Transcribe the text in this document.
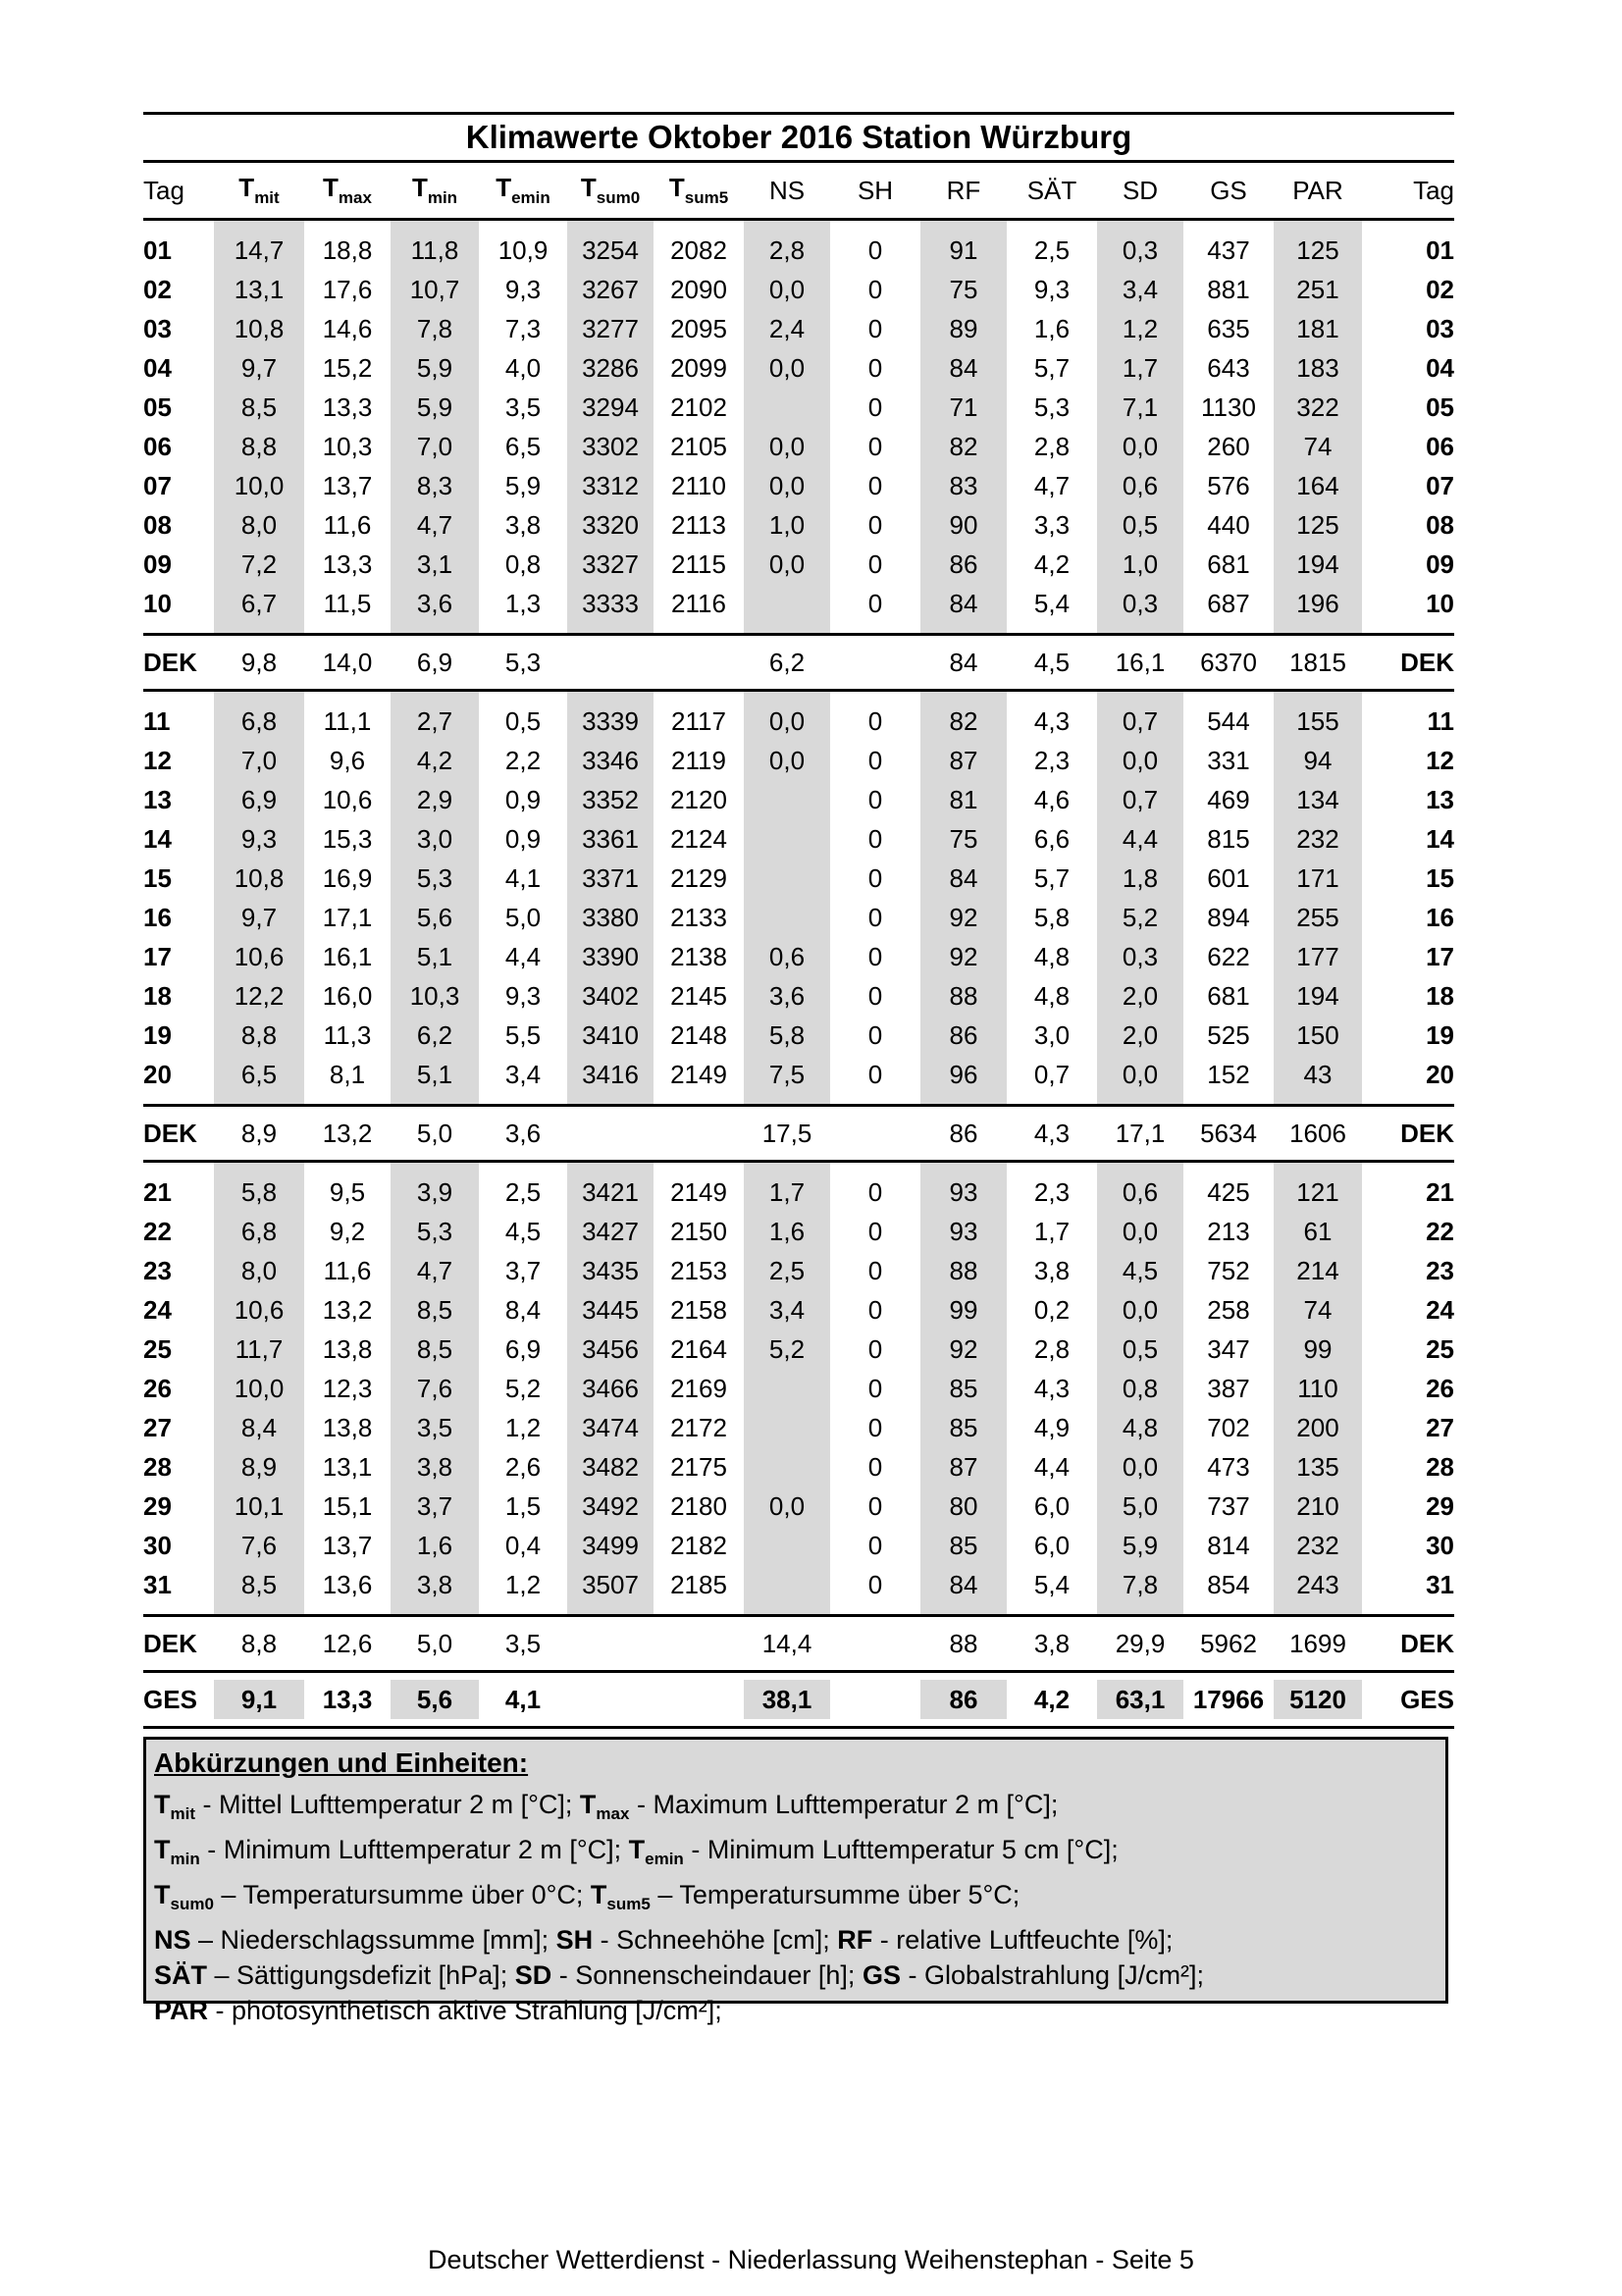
Klimawerte Oktober 2016 Station Würzburg
Tag	$T_{mit}$	$T_{max}$	$T_{min}$	$T_{emin}$	$T_{sum0}$	$T_{sum5}$	NS	SH	RF	SÄT	SD	GS	PAR	Tag
01	14,7	18,8	11,8	10,9	3254	2082	2,8	0	91	2,5	0,3	437	125	01
02	13,1	17,6	10,7	9,3	3267	2090	0,0	0	75	9,3	3,4	881	251	02
03	10,8	14,6	7,8	7,3	3277	2095	2,4	0	89	1,6	1,2	635	181	03
04	9,7	15,2	5,9	4,0	3286	2099	0,0	0	84	5,7	1,7	643	183	04
05	8,5	13,3	5,9	3,5	3294	2102		0	71	5,3	7,1	1130	322	05
06	8,8	10,3	7,0	6,5	3302	2105	0,0	0	82	2,8	0,0	260	74	06
07	10,0	13,7	8,3	5,9	3312	2110	0,0	0	83	4,7	0,6	576	164	07
08	8,0	11,6	4,7	3,8	3320	2113	1,0	0	90	3,3	0,5	440	125	08
09	7,2	13,3	3,1	0,8	3327	2115	0,0	0	86	4,2	1,0	681	194	09
10	6,7	11,5	3,6	1,3	3333	2116		0	84	5,4	0,3	687	196	10

DEK	9,8	14,0	6,9	5,3			6,2		84	4,5	16,1	6370	1815	DEK
11	6,8	11,1	2,7	0,5	3339	2117	0,0	0	82	4,3	0,7	544	155	11
12	7,0	9,6	4,2	2,2	3346	2119	0,0	0	87	2,3	0,0	331	94	12
13	6,9	10,6	2,9	0,9	3352	2120		0	81	4,6	0,7	469	134	13
14	9,3	15,3	3,0	0,9	3361	2124		0	75	6,6	4,4	815	232	14
15	10,8	16,9	5,3	4,1	3371	2129		0	84	5,7	1,8	601	171	15
16	9,7	17,1	5,6	5,0	3380	2133		0	92	5,8	5,2	894	255	16
17	10,6	16,1	5,1	4,4	3390	2138	0,6	0	92	4,8	0,3	622	177	17
18	12,2	16,0	10,3	9,3	3402	2145	3,6	0	88	4,8	2,0	681	194	18
19	8,8	11,3	6,2	5,5	3410	2148	5,8	0	86	3,0	2,0	525	150	19
20	6,5	8,1	5,1	3,4	3416	2149	7,5	0	96	0,7	0,0	152	43	20

DEK	8,9	13,2	5,0	3,6			17,5		86	4,3	17,1	5634	1606	DEK
21	5,8	9,5	3,9	2,5	3421	2149	1,7	0	93	2,3	0,6	425	121	21
22	6,8	9,2	5,3	4,5	3427	2150	1,6	0	93	1,7	0,0	213	61	22
23	8,0	11,6	4,7	3,7	3435	2153	2,5	0	88	3,8	4,5	752	214	23
24	10,6	13,2	8,5	8,4	3445	2158	3,4	0	99	0,2	0,0	258	74	24
25	11,7	13,8	8,5	6,9	3456	2164	5,2	0	92	2,8	0,5	347	99	25
26	10,0	12,3	7,6	5,2	3466	2169		0	85	4,3	0,8	387	110	26
27	8,4	13,8	3,5	1,2	3474	2172		0	85	4,9	4,8	702	200	27
28	8,9	13,1	3,8	2,6	3482	2175		0	87	4,4	0,0	473	135	28
29	10,1	15,1	3,7	1,5	3492	2180	0,0	0	80	6,0	5,0	737	210	29
30	7,6	13,7	1,6	0,4	3499	2182		0	85	6,0	5,9	814	232	30
31	8,5	13,6	3,8	1,2	3507	2185		0	84	5,4	7,8	854	243	31

DEK	8,8	12,6	5,0	3,5			14,4		88	3,8	29,9	5962	1699	DEK
GES	9,1	13,3	5,6	4,1			38,1		86	4,2	63,1	17966	5120	GES
Abkürzungen und Einheiten:
$T_{mit}$ - Mittel Lufttemperatur 2 m [°C]; $T_{max}$ - Maximum Lufttemperatur 2 m [°C];
$T_{min}$ - Minimum Lufttemperatur 2 m [°C]; $T_{emin}$ - Minimum Lufttemperatur 5 cm [°C];
$T_{sum0}$ – Temperatursumme über 0°C; $T_{sum5}$ – Temperatursumme über 5°C;
NS – Niederschlagssumme [mm]; SH - Schneehöhe [cm]; RF - relative Luftfeuchte [%];
SÄT – Sättigungsdefizit [hPa]; SD - Sonnenscheindauer [h]; GS - Globalstrahlung [J/cm²];
PAR - photosynthetisch aktive Strahlung [J/cm²];
Deutscher Wetterdienst - Niederlassung Weihenstephan - Seite 5
